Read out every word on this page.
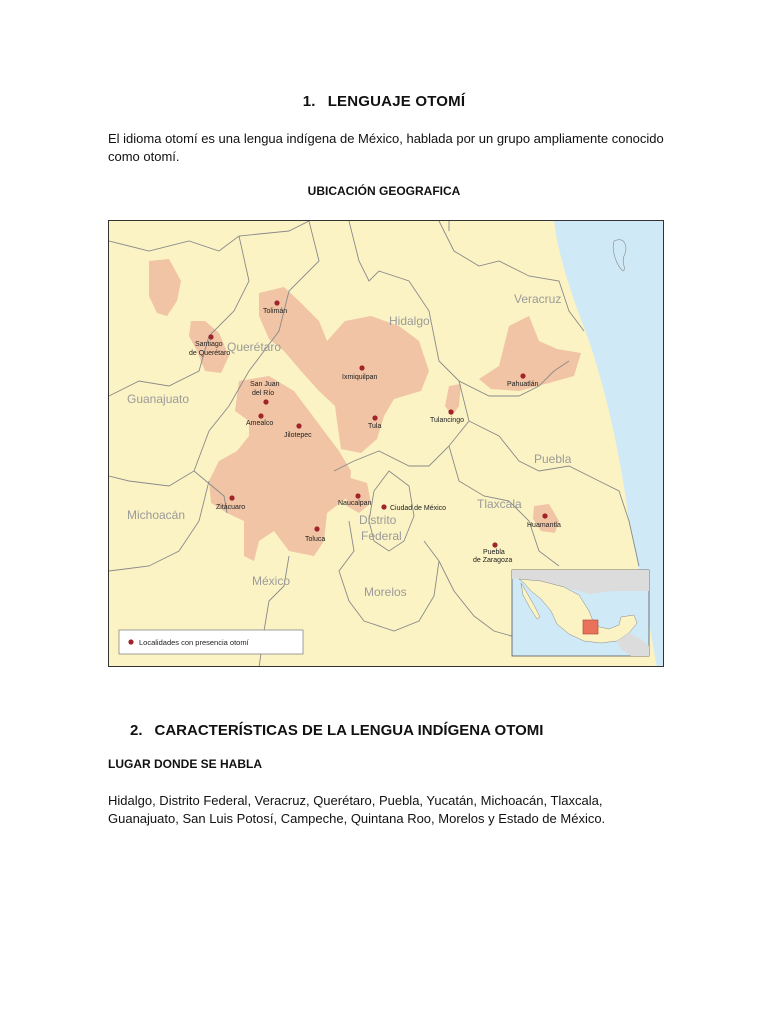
1. LENGUAJE OTOMÍ
El idioma otomí es una lengua indígena de México, hablada por un grupo ampliamente conocido como otomí.
UBICACIÓN GEOGRAFICA
Hidalgo
Veracruz
Querétaro
Guanajuato
Puebla
Tlaxcala
Michoacán	Distrito
Federal
México
Morelos
Tolimán
Santiago
de Querétaro
Ixmiquilpan
San Juan
del Río
Amealco
Jilotepec
Tula
Tulancingo
Pahuatlán
Zitácuaro
Naucalpan
Ciudad de México
Toluca
Huamantla
Puebla
de Zaragoza
Localidades con presencia otomí
2. CARACTERÍSTICAS DE LA LENGUA INDÍGENA OTOMI
LUGAR DONDE SE HABLA
Hidalgo, Distrito Federal, Veracruz, Querétaro, Puebla, Yucatán, Michoacán, Tlaxcala, Guanajuato, San Luis Potosí, Campeche, Quintana Roo, Morelos y Estado de México.
